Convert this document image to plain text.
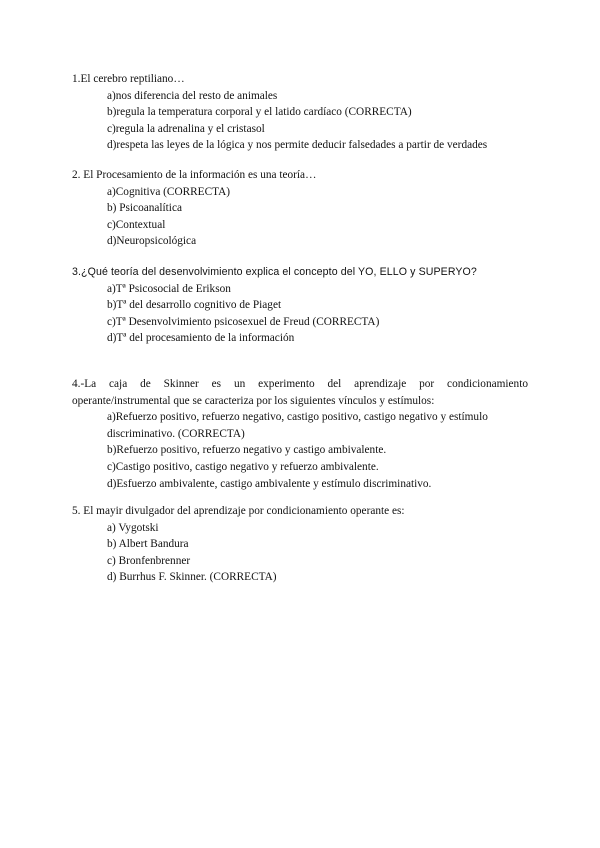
1.El cerebro reptiliano…

a)nos diferencia del resto de animales
b)regula la temperatura corporal y el latido cardíaco (CORRECTA)
c)regula la adrenalina y el cristasol
d)respeta las leyes de la lógica y nos permite deducir falsedades a partir de verdades

2. El Procesamiento de la información es una teoría…

a)Cognitiva (CORRECTA)
b) Psicoanalítica
c)Contextual
d)Neuropsicológica

3.¿Qué teoría del desenvolvimiento explica el concepto del YO, ELLO y SUPERYO?

a)Tª Psicosocial de Erikson
b)Tª del desarrollo cognitivo de Piaget
c)Tª Desenvolvimiento psicosexuel de Freud (CORRECTA)
d)Tª del procesamiento de la información

4.-La caja de Skinner es un experimento del aprendizaje por condicionamiento operante/instrumental que se caracteriza por los siguientes vínculos y estímulos:

a)Refuerzo positivo, refuerzo negativo, castigo positivo, castigo negativo y estímulo discriminativo. (CORRECTA)
b)Refuerzo positivo, refuerzo negativo y castigo ambivalente.
c)Castigo positivo, castigo negativo y refuerzo ambivalente.
d)Esfuerzo ambivalente, castigo ambivalente y estímulo discriminativo.

5. El mayir divulgador del aprendizaje por condicionamiento operante es:

a) Vygotski
b) Albert Bandura
c) Bronfenbrenner
d) Burrhus F. Skinner. (CORRECTA)
